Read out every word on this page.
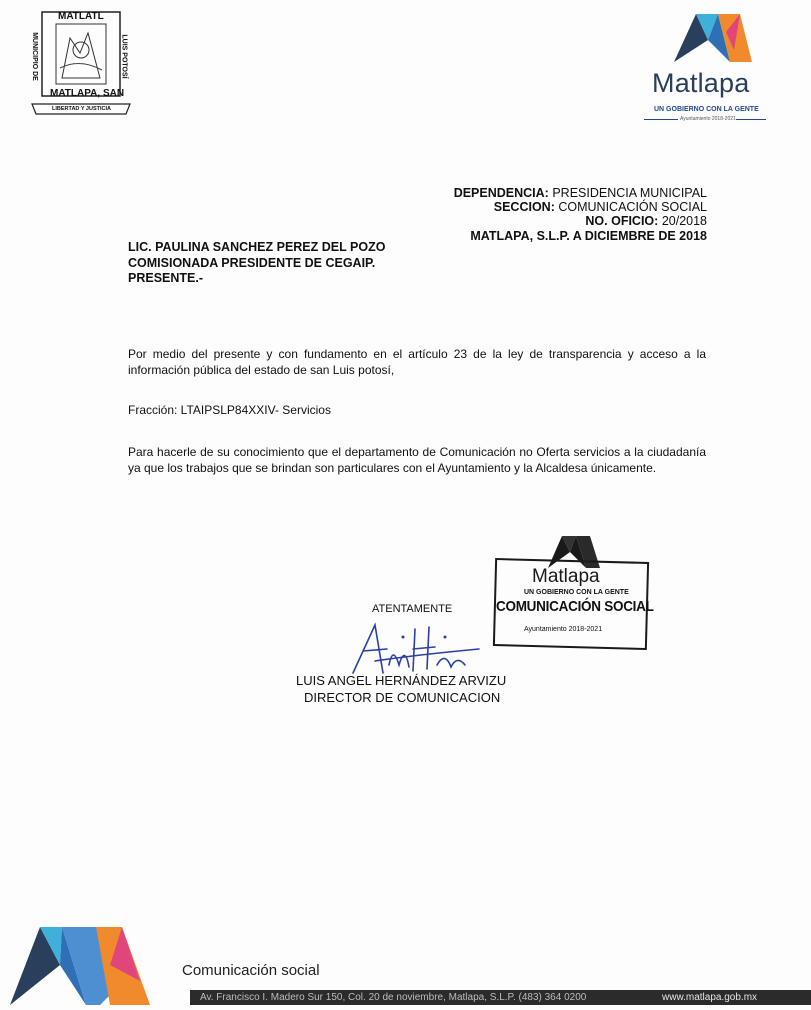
MATLATL
MUNICIPIO DE	LUIS POTOSÍ
MATLAPA, SAN
LIBERTAD Y JUSTICIA
Matlapa
UN GOBIERNO CON LA GENTE
Ayuntamiento 2018-2021
DEPENDENCIA: PRESIDENCIA MUNICIPAL
SECCION: COMUNICACIÓN SOCIAL
NO. OFICIO: 20/2018
MATLAPA, S.L.P. A DICIEMBRE DE 2018
LIC. PAULINA SANCHEZ PEREZ DEL POZO
COMISIONADA PRESIDENTE DE CEGAIP.
PRESENTE.-
Por medio del presente y con fundamento en el artículo 23 de la ley de transparencia y acceso a la
información pública del estado de san Luis potosí,
Fracción: LTAIPSLP84XXIV- Servicios
Para hacerle de su conocimiento que el departamento de Comunicación no Oferta servicios a la ciudadanía
ya que los trabajos que se brindan son particulares con el Ayuntamiento y la Alcaldesa únicamente.
Matlapa
UN GOBIERNO CON LA GENTE
COMUNICACIÓN SOCIAL
Ayuntamiento 2018-2021
ATENTAMENTE
LUIS ANGEL HERNÁNDEZ ARVIZU
DIRECTOR DE COMUNICACION
Comunicación social
Av. Francisco I. Madero Sur 150, Col. 20 de noviembre, Matlapa, S.L.P. (483) 364 0200	www.matlapa.gob.mx
